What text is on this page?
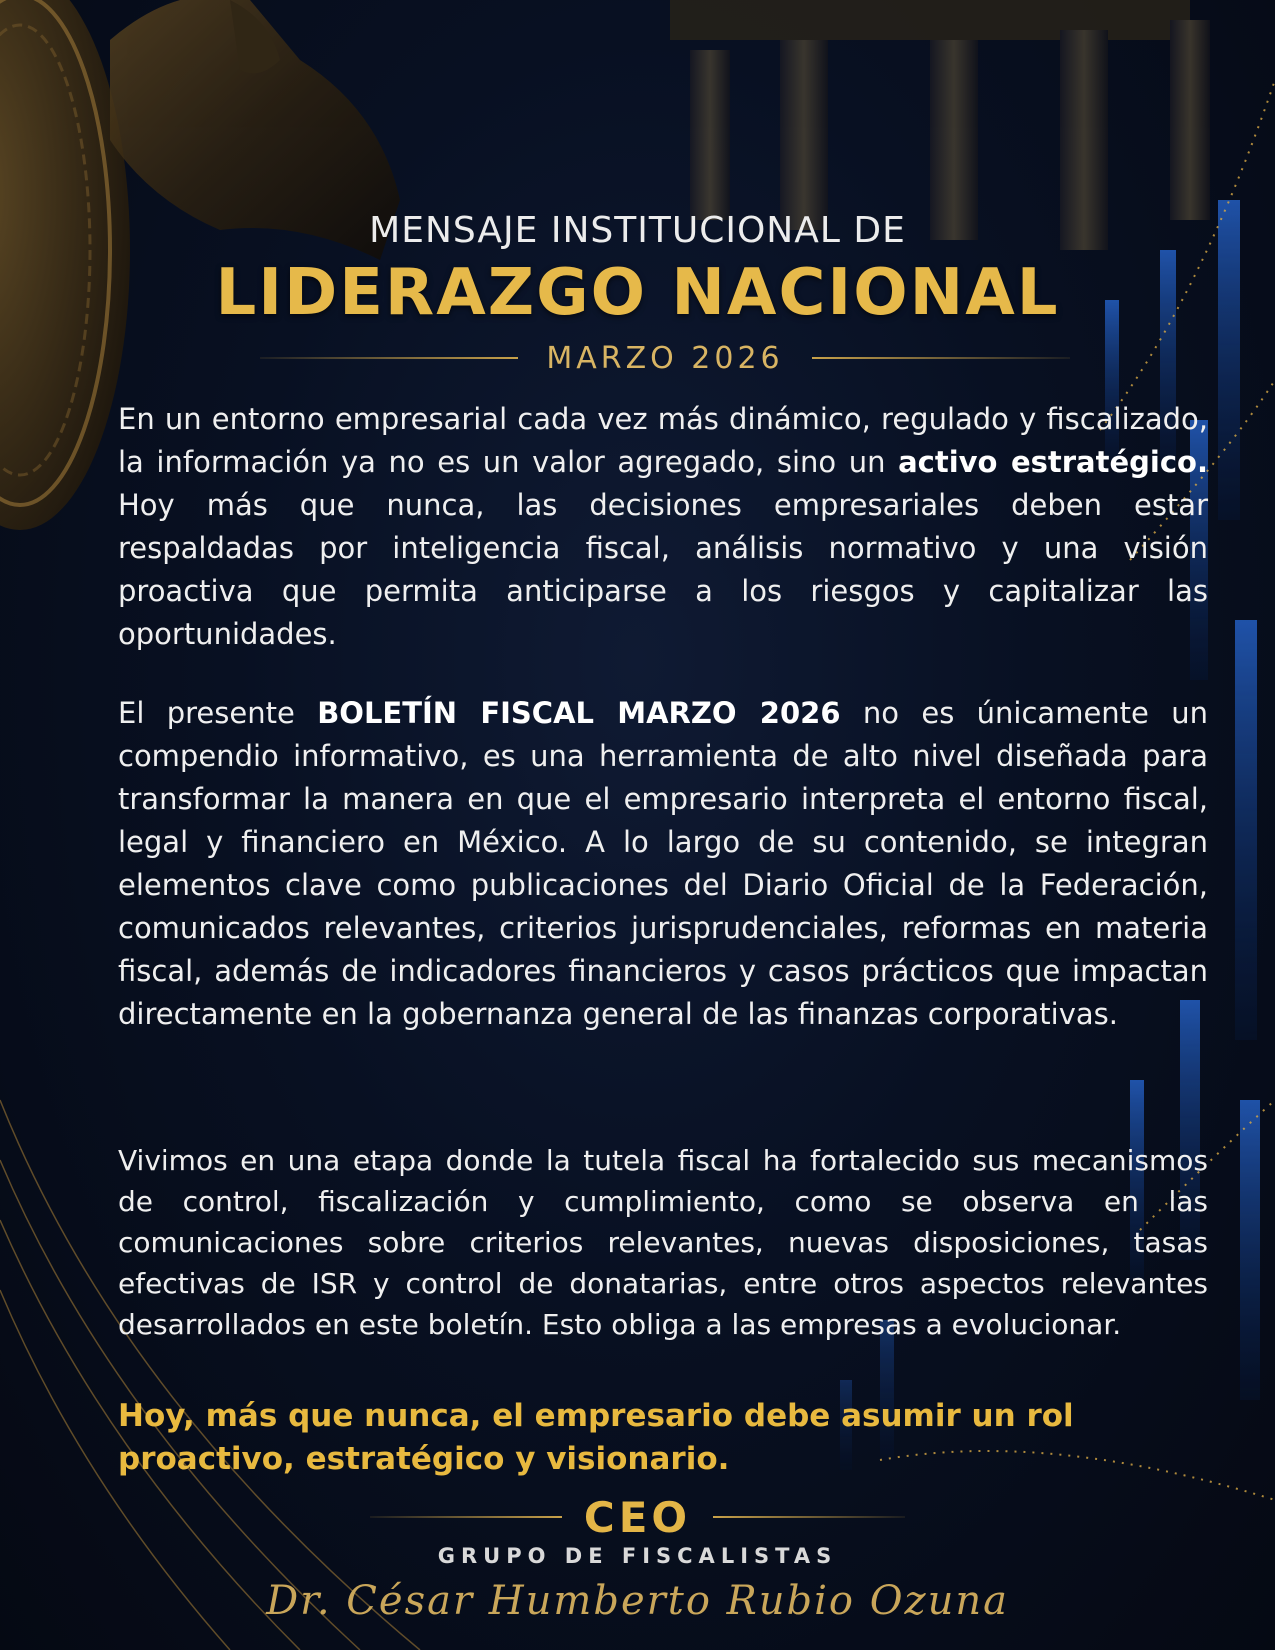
MENSAJE INSTITUCIONAL DE
LIDERAZGO NACIONAL
MARZO 2026
En un entorno empresarial cada vez más dinámico, regulado y fiscalizado, la información ya no es un valor agregado, sino un activo estratégico. Hoy más que nunca, las decisiones empresariales deben estar respaldadas por inteligencia fiscal, análisis normativo y una visión proactiva que permita anticiparse a los riesgos y capitalizar las oportunidades.
El presente BOLETÍN FISCAL MARZO 2026 no es únicamente un compendio informativo, es una herramienta de alto nivel diseñada para transformar la manera en que el empresario interpreta el entorno fiscal, legal y financiero en México. A lo largo de su contenido, se integran elementos clave como publicaciones del Diario Oficial de la Federación, comunicados relevantes, criterios jurisprudenciales, reformas en materia fiscal, además de indicadores financieros y casos prácticos que impactan directamente en la gobernanza general de las finanzas corporativas.
Vivimos en una etapa donde la tutela fiscal ha fortalecido sus mecanismos de control, fiscalización y cumplimiento, como se observa en las comunicaciones sobre criterios relevantes, nuevas disposiciones, tasas efectivas de ISR y control de donatarias, entre otros aspectos relevantes desarrollados en este boletín. Esto obliga a las empresas a evolucionar.
Hoy, más que nunca, el empresario debe asumir un rol proactivo, estratégico y visionario.
CEO
GRUPO DE FISCALISTAS
Dr. César Humberto Rubio Ozuna
